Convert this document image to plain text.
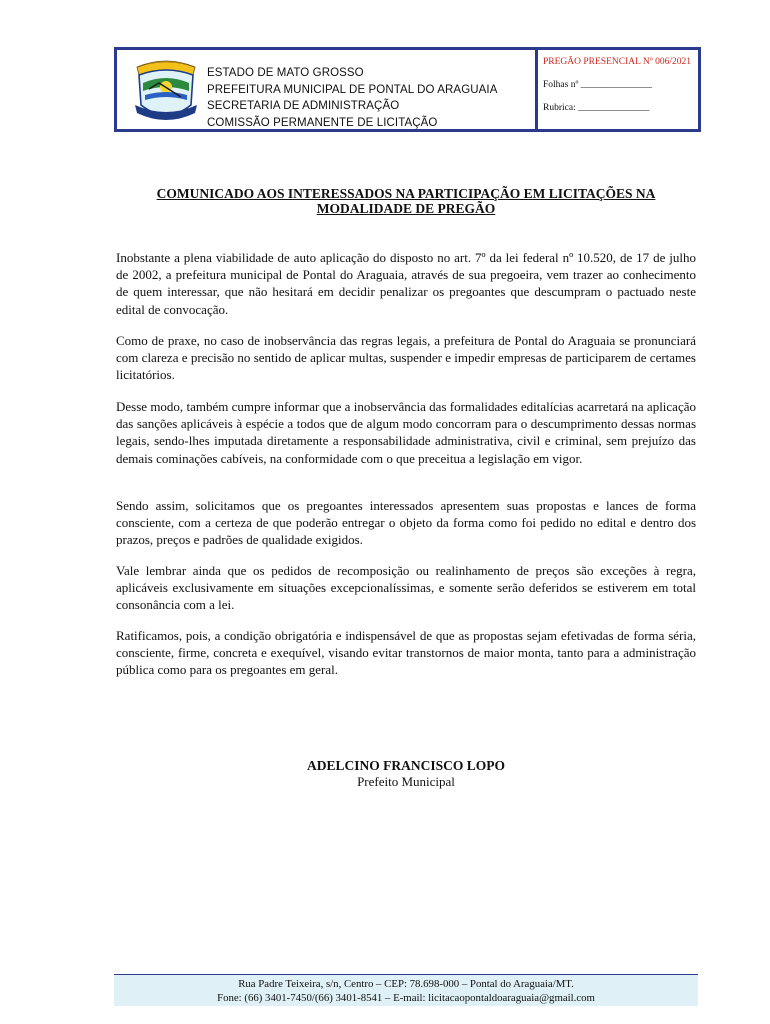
ESTADO DE MATO GROSSO
PREFEITURA MUNICIPAL DE PONTAL DO ARAGUAIA
SECRETARIA DE ADMINISTRAÇÃO
COMISSÃO PERMANENTE DE LICITAÇÃO
PREGÃO PRESENCIAL Nº 006/2021
Folhas nº _______________
Rubrica: _______________
COMUNICADO AOS INTERESSADOS NA PARTICIPAÇÃO EM LICITAÇÕES NA
MODALIDADE DE PREGÃO

Inobstante a plena viabilidade de auto aplicação do disposto no art. 7º da lei federal nº 10.520, de 17 de julho de 2002, a prefeitura municipal de Pontal do Araguaia, através de sua pregoeira, vem trazer ao conhecimento de quem interessar, que não hesitará em decidir penalizar os pregoantes que descumpram o pactuado neste edital de convocação.

Como de praxe, no caso de inobservância das regras legais, a prefeitura de Pontal do Araguaia se pronunciará com clareza e precisão no sentido de aplicar multas, suspender e impedir empresas de participarem de certames licitatórios.

Desse modo, também cumpre informar que a inobservância das formalidades editalícias acarretará na aplicação das sanções aplicáveis à espécie a todos que de algum modo concorram para o descumprimento dessas normas legais, sendo-lhes imputada diretamente a responsabilidade administrativa, civil e criminal, sem prejuízo das demais cominações cabíveis, na conformidade com o que preceitua a legislação em vigor.

Sendo assim, solicitamos que os pregoantes interessados apresentem suas propostas e lances de forma consciente, com a certeza de que poderão entregar o objeto da forma como foi pedido no edital e dentro dos prazos, preços e padrões de qualidade exigidos.

Vale lembrar ainda que os pedidos de recomposição ou realinhamento de preços são exceções à regra, aplicáveis exclusivamente em situações excepcionalíssimas, e somente serão deferidos se estiverem em total consonância com a lei.

Ratificamos, pois, a condição obrigatória e indispensável de que as propostas sejam efetivadas de forma séria, consciente, firme, concreta e exequível, visando evitar transtornos de maior monta, tanto para a administração pública como para os pregoantes em geral.

ADELCINO FRANCISCO LOPO
Prefeito Municipal
Rua Padre Teixeira, s/n, Centro – CEP: 78.698-000 – Pontal do Araguaia/MT.
Fone: (66) 3401-7450/(66) 3401-8541 – E-mail: licitacaopontaldoaraguaia@gmail.com
